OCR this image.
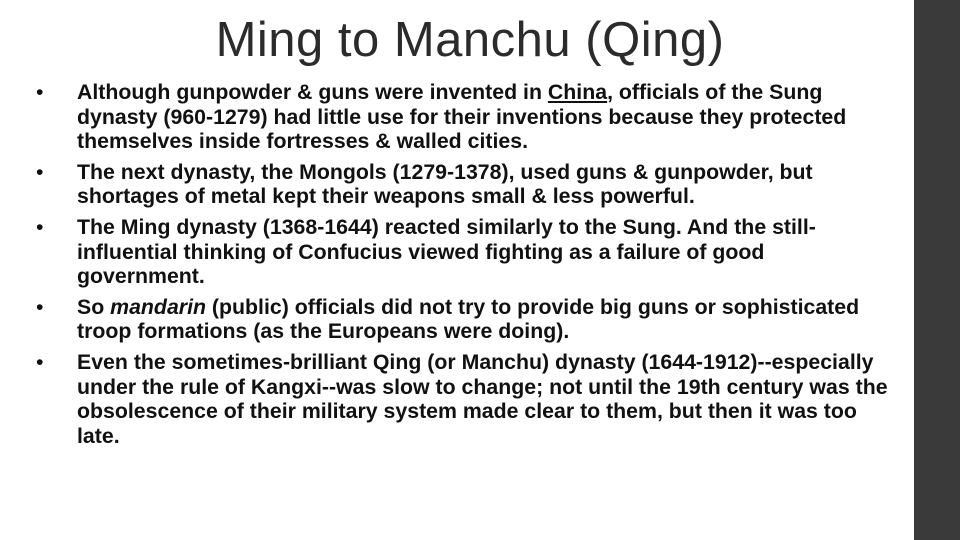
Ming to Manchu (Qing)
• Although gunpowder & guns were invented in China, officials of the Sung dynasty (960-1279) had little use for their inventions because they protected themselves inside fortresses & walled cities.
• The next dynasty, the Mongols (1279-1378), used guns & gunpowder, but shortages of metal kept their weapons small & less powerful.
• The Ming dynasty (1368-1644) reacted similarly to the Sung. And the still-influential thinking of Confucius viewed fighting as a failure of good government.
• So mandarin (public) officials did not try to provide big guns or sophisticated troop formations (as the Europeans were doing).
• Even the sometimes-brilliant Qing (or Manchu) dynasty (1644-1912)--especially under the rule of Kangxi--was slow to change; not until the 19th century was the obsolescence of their military system made clear to them, but then it was too late.
